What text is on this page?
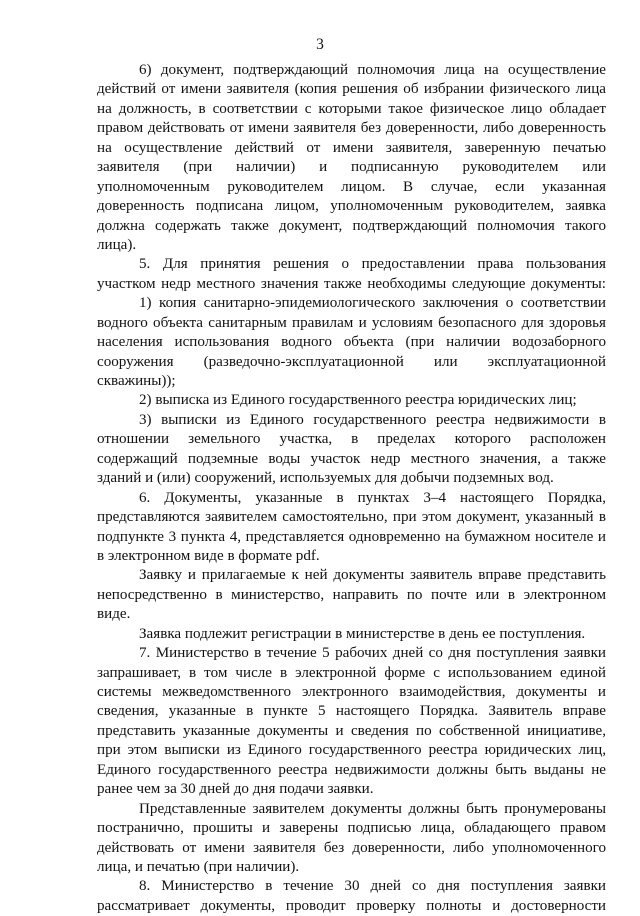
3
6) документ, подтверждающий полномочия лица на осуществление
действий от имени заявителя (копия решения об избрании физического лица
на должность, в соответствии с которыми такое физическое лицо обладает
правом действовать от имени заявителя без доверенности, либо доверенность
на осуществление действий от имени заявителя, заверенную печатью
заявителя (при наличии) и подписанную руководителем или
уполномоченным руководителем лицом. В случае, если указанная
доверенность подписана лицом, уполномоченным руководителем, заявка
должна содержать также документ, подтверждающий полномочия такого
лица).
5. Для принятия решения о предоставлении права пользования
участком недр местного значения также необходимы следующие документы:
1) копия санитарно-эпидемиологического заключения о соответствии
водного объекта санитарным правилам и условиям безопасного для здоровья
населения использования водного объекта (при наличии водозаборного
сооружения (разведочно-эксплуатационной или эксплуатационной
скважины));
2) выписка из Единого государственного реестра юридических лиц;
3) выписки из Единого государственного реестра недвижимости в
отношении земельного участка, в пределах которого расположен
содержащий подземные воды участок недр местного значения, а также
зданий и (или) сооружений, используемых для добычи подземных вод.
6. Документы, указанные в пунктах 3–4 настоящего Порядка,
представляются заявителем самостоятельно, при этом документ, указанный в
подпункте 3 пункта 4, представляется одновременно на бумажном носителе и
в электронном виде в формате pdf.
Заявку и прилагаемые к ней документы заявитель вправе представить
непосредственно в министерство, направить по почте или в электронном
виде.
Заявка подлежит регистрации в министерстве в день ее поступления.
7. Министерство в течение 5 рабочих дней со дня поступления заявки
запрашивает, в том числе в электронной форме с использованием единой
системы межведомственного электронного взаимодействия, документы и
сведения, указанные в пункте 5 настоящего Порядка. Заявитель вправе
представить указанные документы и сведения по собственной инициативе,
при этом выписки из Единого государственного реестра юридических лиц,
Единого государственного реестра недвижимости должны быть выданы не
ранее чем за 30 дней до дня подачи заявки.
Представленные заявителем документы должны быть пронумерованы
постранично, прошиты и заверены подписью лица, обладающего правом
действовать от имени заявителя без доверенности, либо уполномоченного
лица, и печатью (при наличии).
8. Министерство в течение 30 дней со дня поступления заявки
рассматривает документы, проводит проверку полноты и достоверности
